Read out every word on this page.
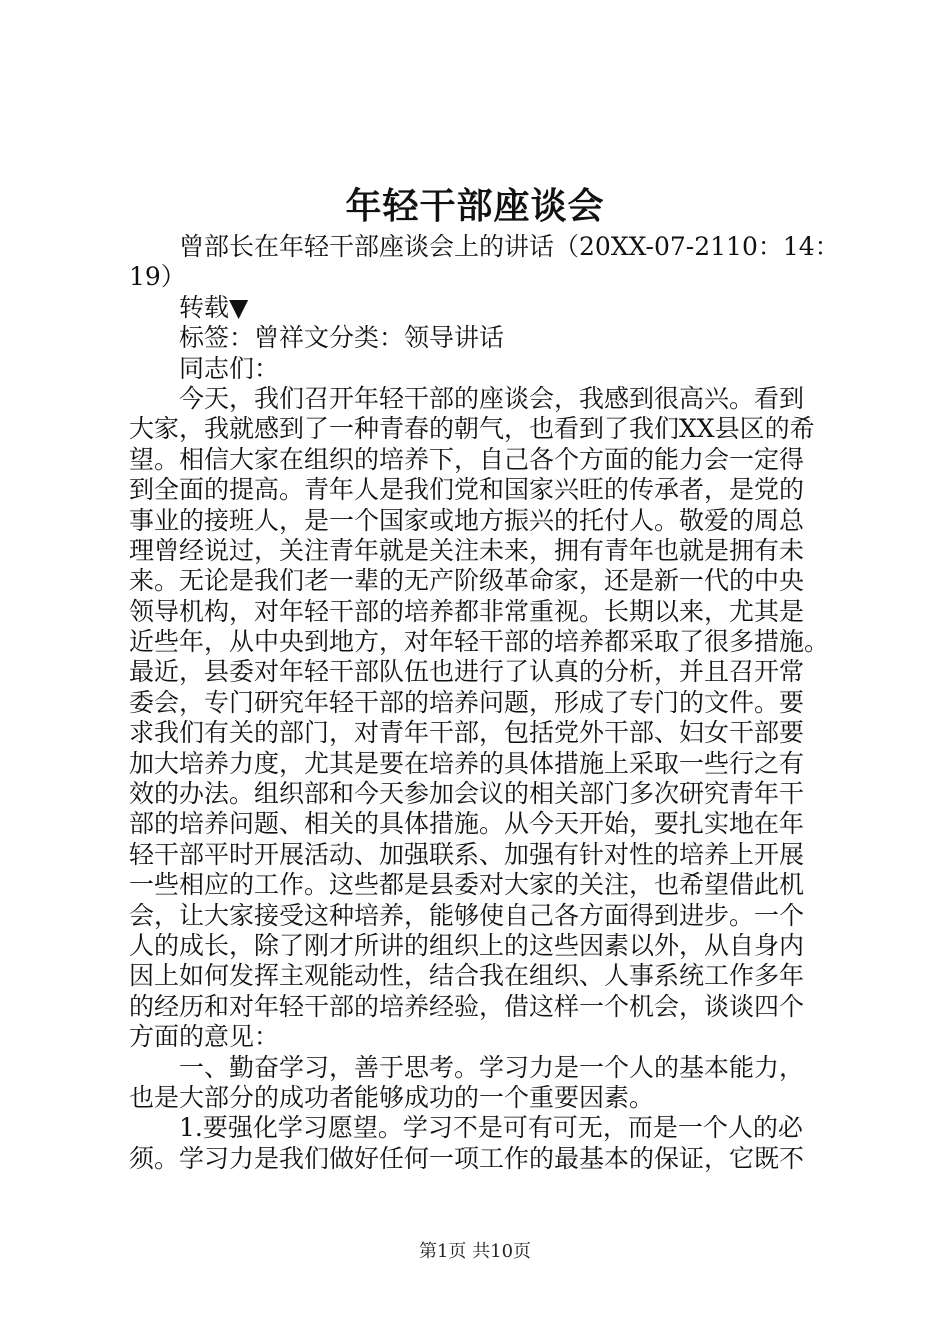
年轻干部座谈会
曾部长在年轻干部座谈会上的讲话（20XX-07-2110：14：
19）
转载▼
标签：曾祥文分类：领导讲话
同志们：
今天，我们召开年轻干部的座谈会，我感到很高兴。看到
大家，我就感到了一种青春的朝气，也看到了我们XX县区的希
望。相信大家在组织的培养下，自己各个方面的能力会一定得
到全面的提高。青年人是我们党和国家兴旺的传承者，是党的
事业的接班人，是一个国家或地方振兴的托付人。敬爱的周总
理曾经说过，关注青年就是关注未来，拥有青年也就是拥有未
来。无论是我们老一辈的无产阶级革命家，还是新一代的中央
领导机构，对年轻干部的培养都非常重视。长期以来，尤其是
近些年，从中央到地方，对年轻干部的培养都采取了很多措施。
最近，县委对年轻干部队伍也进行了认真的分析，并且召开常
委会，专门研究年轻干部的培养问题，形成了专门的文件。要
求我们有关的部门，对青年干部，包括党外干部、妇女干部要
加大培养力度，尤其是要在培养的具体措施上采取一些行之有
效的办法。组织部和今天参加会议的相关部门多次研究青年干
部的培养问题、相关的具体措施。从今天开始，要扎实地在年
轻干部平时开展活动、加强联系、加强有针对性的培养上开展
一些相应的工作。这些都是县委对大家的关注，也希望借此机
会，让大家接受这种培养，能够使自己各方面得到进步。一个
人的成长，除了刚才所讲的组织上的这些因素以外，从自身内
因上如何发挥主观能动性，结合我在组织、人事系统工作多年
的经历和对年轻干部的培养经验，借这样一个机会，谈谈四个
方面的意见：
一、勤奋学习，善于思考。学习力是一个人的基本能力，
也是大部分的成功者能够成功的一个重要因素。
1.要强化学习愿望。学习不是可有可无，而是一个人的必
须。学习力是我们做好任何一项工作的最基本的保证，它既不
第1页 共10页
